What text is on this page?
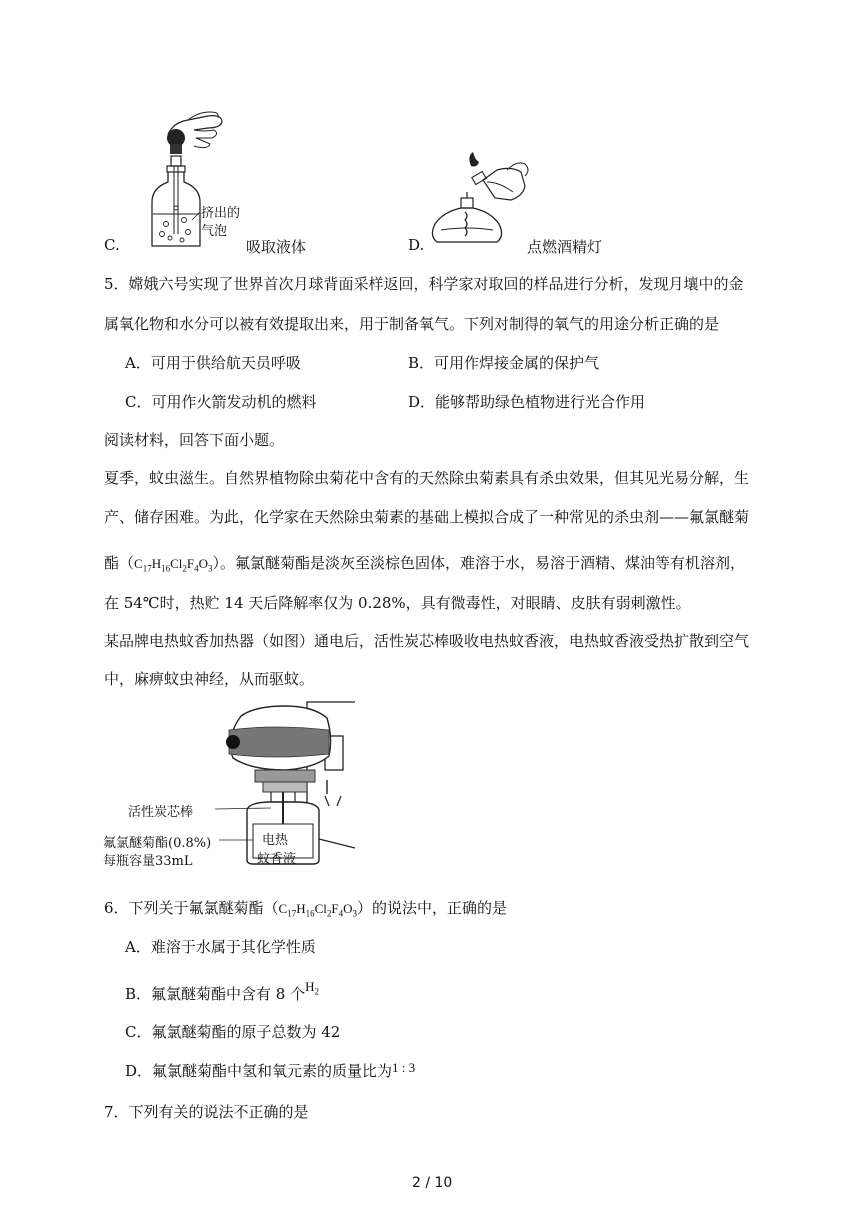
挤出的
气泡
C.	吸取液体	D.	点燃酒精灯
5．嫦娥六号实现了世界首次月球背面采样返回，科学家对取回的样品进行分析，发现月壤中的金
属氧化物和水分可以被有效提取出来，用于制备氧气。下列对制得的氧气的用途分析正确的是
A．可用于供给航天员呼吸	B．可用作焊接金属的保护气
C．可用作火箭发动机的燃料	D．能够帮助绿色植物进行光合作用
阅读材料，回答下面小题。
夏季，蚊虫滋生。自然界植物除虫菊花中含有的天然除虫菊素具有杀虫效果，但其见光易分解，生
产、储存困难。为此，化学家在天然除虫菊素的基础上模拟合成了一种常见的杀虫剂——氟氯醚菊
酯$(C_{17}H_{16}Cl_2F_4O_3)$。氟氯醚菊酯是淡灰至淡棕色固体，难溶于水，易溶于酒精、煤油等有机溶剂，
在 54℃时，热贮 14 天后降解率仅为 0.28%，具有微毒性，对眼睛、皮肤有弱刺激性。
某品牌电热蚊香加热器（如图）通电后，活性炭芯棒吸收电热蚊香液，电热蚊香液受热扩散到空气
中，麻痹蚊虫神经，从而驱蚊。
活性炭芯棒
氟氯醚菊酯(0.8%)
每瓶容量33mL
电热
蚊香液
6．下列关于氟氯醚菊酯$(C_{17}H_{16}Cl_2F_4O_3)$的说法中，正确的是
A．难溶于水属于其化学性质
B．氟氯醚菊酯中含有 8 个$H_2$
C．氟氯醚菊酯的原子总数为 42
D．氟氯醚菊酯中氢和氧元素的质量比为1 : 3
7．下列有关的说法不正确的是
2 / 10
